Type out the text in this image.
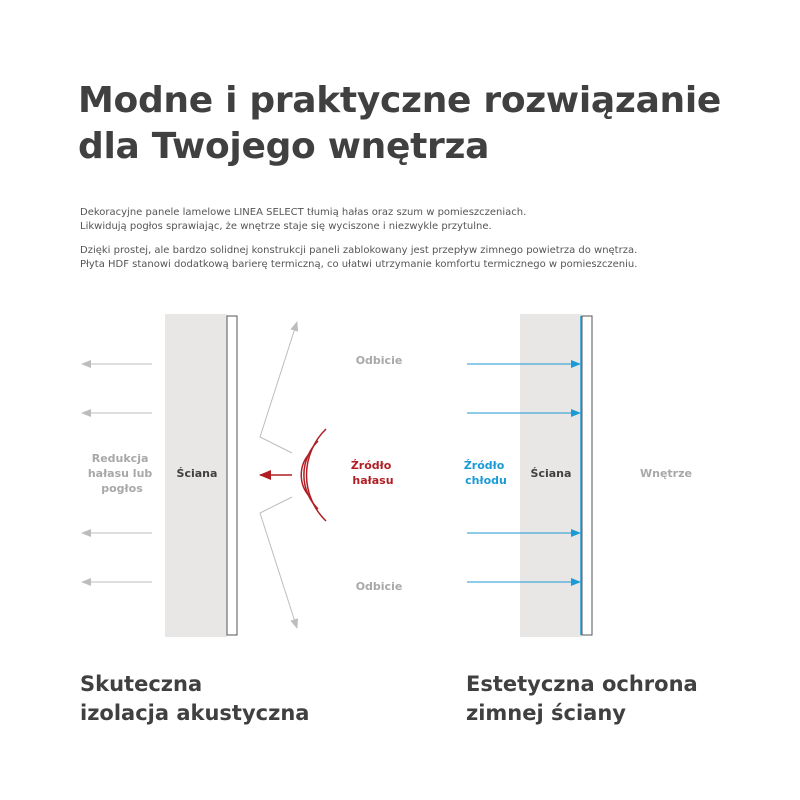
Modne i praktyczne rozwiązanie
dla Twojego wnętrza
Dekoracyjne panele lamelowe LINEA SELECT tłumią hałas oraz szum w pomieszczeniach.
Likwidują pogłos sprawiając, że wnętrze staje się wyciszone i niezwykle przytulne.
Dzięki prostej, ale bardzo solidnej konstrukcji paneli zablokowany jest przepływ zimnego powietrza do wnętrza.
Płyta HDF stanowi dodatkową barierę termiczną, co ułatwi utrzymanie komfortu termicznego w pomieszczeniu.
Redukcja hałasu lub pogłos
Ściana
Odbicie
Odbicie
Źródło hałasu
Źródło chłodu
Ściana	Wnętrze
Skuteczna
izolacja akustyczna
Estetyczna ochrona
zimnej ściany
